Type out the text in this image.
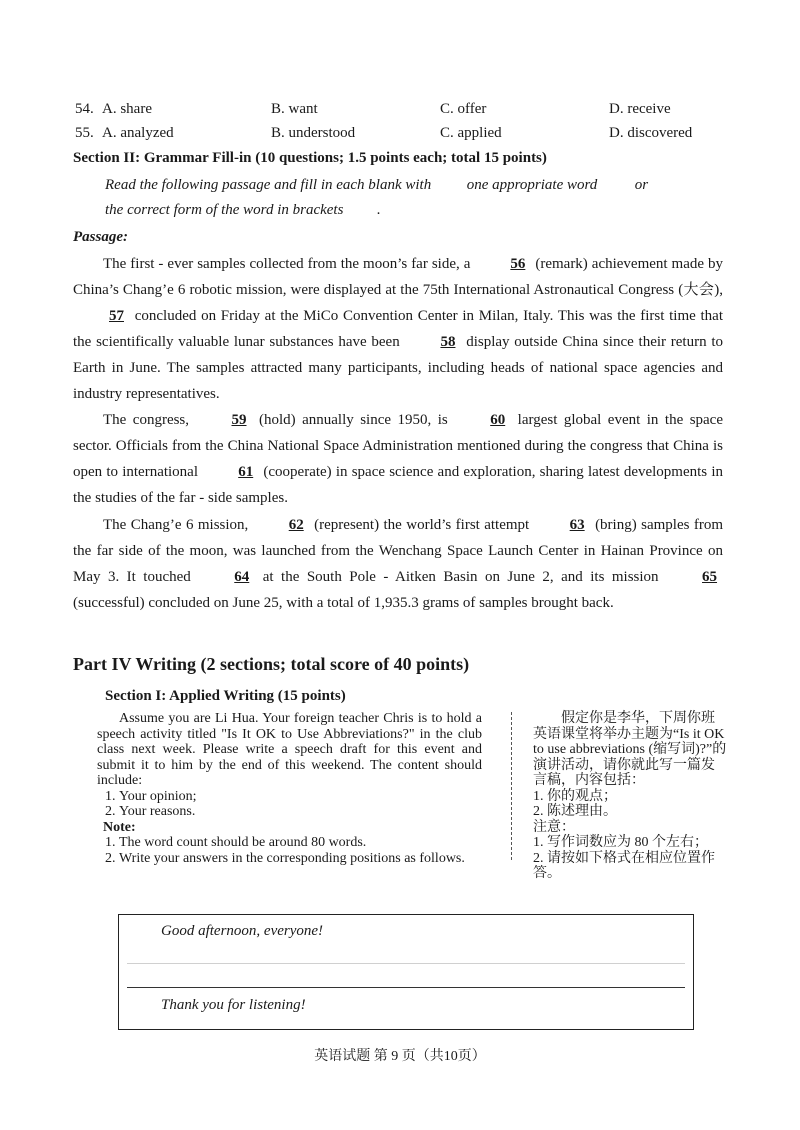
54. A. share	B. want	C. offer	D. receive
55. A. analyzed	B. understood	C. applied	D. discovered
Section II: Grammar Fill-in (10 questions; 1.5 points each; total 15 points)
Read the following passage and fill in each blank with one appropriate word	or
the correct form of the word in brackets .
Passage:
The first - ever samples collected from the moon’s far side, a	56 (remark) achievement made by China’s Chang’e 6 robotic mission, were displayed at the 75th International Astronautical Congress (大会), 57 concluded on Friday at the MiCo Convention Center in Milan, Italy. This was the first time that the scientifically valuable lunar substances have been	58 display outside China since their return to Earth in June. The samples attracted many participants, including heads of national space agencies and industry representatives.
The congress,	59 (hold) annually since 1950, is	60 largest global event in the space sector. Officials from the China National Space Administration mentioned during the congress that China is open to international	61 (cooperate) in space science and exploration, sharing latest developments in the studies of the far - side samples.
The Chang’e 6 mission,	62 (represent) the world’s first attempt	63 (bring) samples from the far side of the moon, was launched from the Wenchang Space Launch Center in Hainan Province on May 3. It touched	64 at the South Pole - Aitken Basin on June 2, and its mission	65 (successful) concluded on June 25, with a total of 1,935.3 grams of samples brought back.
Part IV Writing (2 sections; total score of 40 points)
Section I: Applied Writing (15 points)
Assume you are Li Hua. Your foreign teacher Chris is to hold a speech activity titled "Is It OK to Use Abbreviations?" in the club class next week. Please write a speech draft for this event and submit it to him by the end of this weekend. The content should include:
1. Your opinion;
2. Your reasons.
Note:
1. The word count should be around 80 words.
2. Write your answers in the corresponding positions as follows.
假定你是李华，下周你班英语课堂将举办主题为“Is it OK to use abbreviations (缩写词)?”的演讲活动，请你就此写一篇发言稿，内容包括：
1. 你的观点；
2. 陈述理由。
注意：
1. 写作词数应为 80 个左右；
2. 请按如下格式在相应位置作答。
Good afternoon, everyone!
Thank you for listening!
英语试题 第 9 页（共10页）
